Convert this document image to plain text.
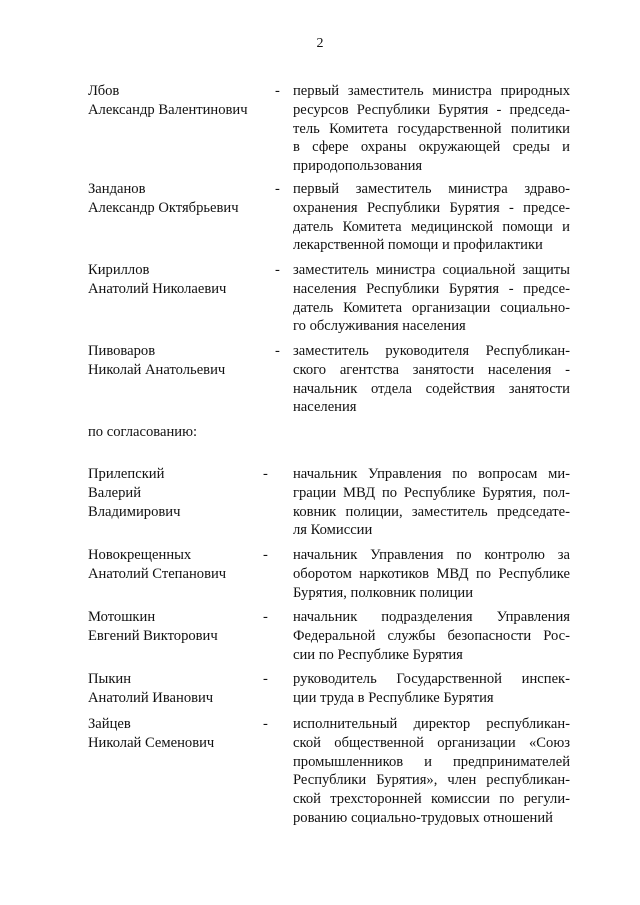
2
Лбов
Александр Валентинович
- первый заместитель министра природных
ресурсов Республики Бурятия - председа-
тель Комитета государственной политики
в сфере охраны окружающей среды и
природопользования
Занданов
Александр Октябрьевич
- первый заместитель министра здраво-
охранения Республики Бурятия - предсе-
датель Комитета медицинской помощи и
лекарственной помощи и профилактики
Кириллов
Анатолий Николаевич
- заместитель министра социальной защиты
населения Республики Бурятия - предсе-
датель Комитета организации социально-
го обслуживания населения
Пивоваров
Николай Анатольевич
- заместитель руководителя Республикан-
ского агентства занятости населения -
начальник отдела содействия занятости
населения
Прилепский
Валерий
Владимирович
- начальник Управления по вопросам ми-
грации МВД по Республике Бурятия, пол-
ковник полиции, заместитель председате-
ля Комиссии
Новокрещенных
Анатолий Степанович
- начальник Управления по контролю за
оборотом наркотиков МВД по Республике
Бурятия, полковник полиции
Мотошкин
Евгений Викторович
- начальник подразделения Управления
Федеральной службы безопасности Рос-
сии по Республике Бурятия
Пыкин
Анатолий Иванович
- руководитель Государственной инспек-
ции труда в Республике Бурятия
Зайцев
Николай Семенович
- исполнительный директор республикан-
ской общественной организации «Союз
промышленников и предпринимателей
Республики Бурятия», член республикан-
ской трехсторонней комиссии по регули-
рованию социально-трудовых отношений
по согласованию:
